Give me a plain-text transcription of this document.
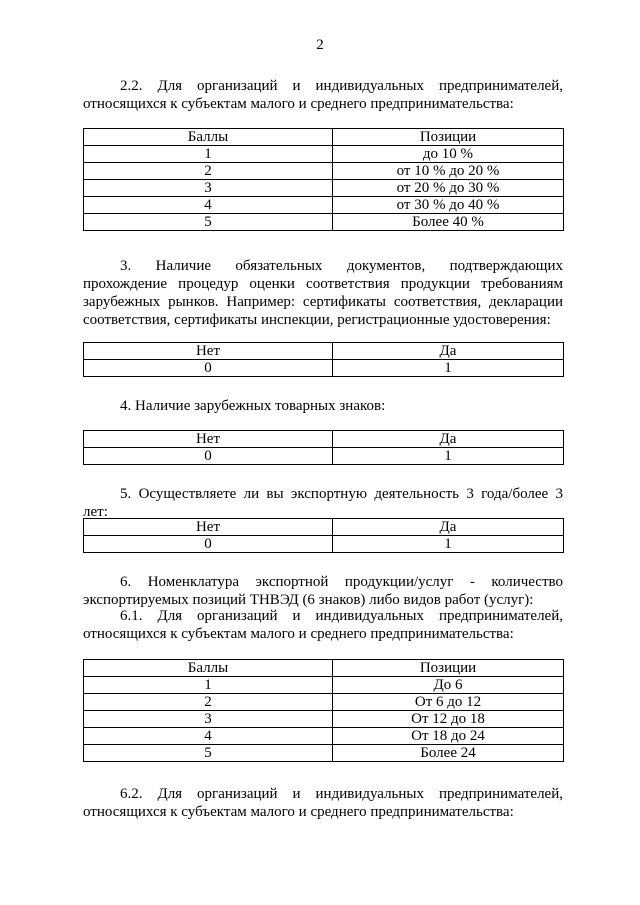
2
2.2. Для организаций и индивидуальных предпринимателей, относящихся к субъектам малого и среднего предпринимательства:
Баллы	Позиции
1	до 10 %
2	от 10 % до 20 %
3	от 20 % до 30 %
4	от 30 % до 40 %
5	Более 40 %
3. Наличие обязательных документов, подтверждающих прохождение процедур оценки соответствия продукции требованиям зарубежных рынков. Например: сертификаты соответствия, декларации соответствия, сертификаты инспекции, регистрационные удостоверения:
Нет	Да
0	1
4. Наличие зарубежных товарных знаков:
Нет	Да
0	1
5. Осуществляете ли вы экспортную деятельность 3 года/более 3 лет:
Нет	Да
0	1
6. Номенклатура экспортной продукции/услуг - количество экспортируемых позиций ТНВЭД (6 знаков) либо видов работ (услуг):
6.1. Для организаций и индивидуальных предпринимателей, относящихся к субъектам малого и среднего предпринимательства:
Баллы	Позиции
1	До 6
2	От 6 до 12
3	От 12 до 18
4	От 18 до 24
5	Более 24
6.2. Для организаций и индивидуальных предпринимателей, относящихся к субъектам малого и среднего предпринимательства:
